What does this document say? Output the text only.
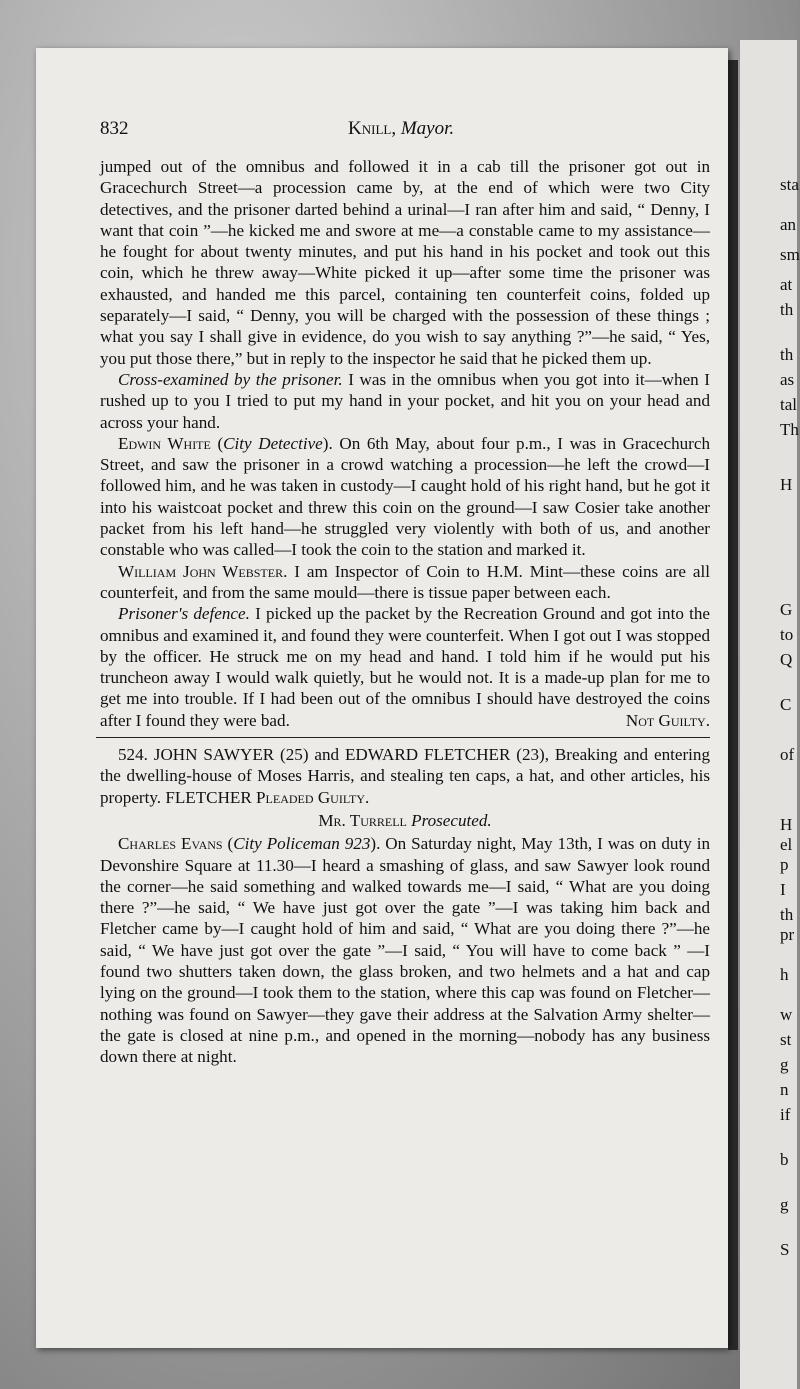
sta
an
sm
at
th
th
as
tal
Th
H
G
to
Q
C
of
H
el
p
I
th
pr
h
w
st
g
n
if
b
g
S
832	Knill, Mayor.

jumped out of the omnibus and followed it in a cab till the prisoner got out in Gracechurch Street—a procession came by, at the end of which were two City detectives, and the prisoner darted behind a urinal—I ran after him and said, “ Denny, I want that coin ”—he kicked me and swore at me—a constable came to my assistance—he fought for about twenty minutes, and put his hand in his pocket and took out this coin, which he threw away—White picked it up—after some time the prisoner was exhausted, and handed me this parcel, containing ten counterfeit coins, folded up separately—I said, “ Denny, you will be charged with the possession of these things ; what you say I shall give in evidence, do you wish to say anything ?”—he said, “ Yes, you put those there,” but in reply to the inspector he said that he picked them up.

Cross-examined by the prisoner. I was in the omnibus when you got into it—when I rushed up to you I tried to put my hand in your pocket, and hit you on your head and across your hand.

Edwin White (City Detective). On 6th May, about four p.m., I was in Gracechurch Street, and saw the prisoner in a crowd watching a procession—he left the crowd—I followed him, and he was taken in custody—I caught hold of his right hand, but he got it into his waistcoat pocket and threw this coin on the ground—I saw Cosier take another packet from his left hand—he struggled very violently with both of us, and another constable who was called—I took the coin to the station and marked it.

William John Webster. I am Inspector of Coin to H.M. Mint—these coins are all counterfeit, and from the same mould—there is tissue paper between each.

Prisoner's defence. I picked up the packet by the Recreation Ground and got into the omnibus and examined it, and found they were counterfeit. When I got out I was stopped by the officer. He struck me on my head and hand. I told him if he would put his truncheon away I would walk quietly, but he would not. It is a made-up plan for me to get me into trouble. If I had been out of the omnibus I should have destroyed the coins after I found they were bad.	Not Guilty.

524. JOHN SAWYER (25) and EDWARD FLETCHER (23), Breaking and entering the dwelling-house of Moses Harris, and stealing ten caps, a hat, and other articles, his property. FLETCHER Pleaded Guilty.

Mr. Turrell Prosecuted.

Charles Evans (City Policeman 923). On Saturday night, May 13th, I was on duty in Devonshire Square at 11.30—I heard a smashing of glass, and saw Sawyer look round the corner—he said something and walked towards me—I said, “ What are you doing there ?”—he said, “ We have just got over the gate ”—I was taking him back and Fletcher came by—I caught hold of him and said, “ What are you doing there ?”—he said, “ We have just got over the gate ”—I said, “ You will have to come back ” —I found two shutters taken down, the glass broken, and two helmets and a hat and cap lying on the ground—I took them to the station, where this cap was found on Fletcher—nothing was found on Sawyer—they gave their address at the Salvation Army shelter—the gate is closed at nine p.m., and opened in the morning—nobody has any business down there at night.
